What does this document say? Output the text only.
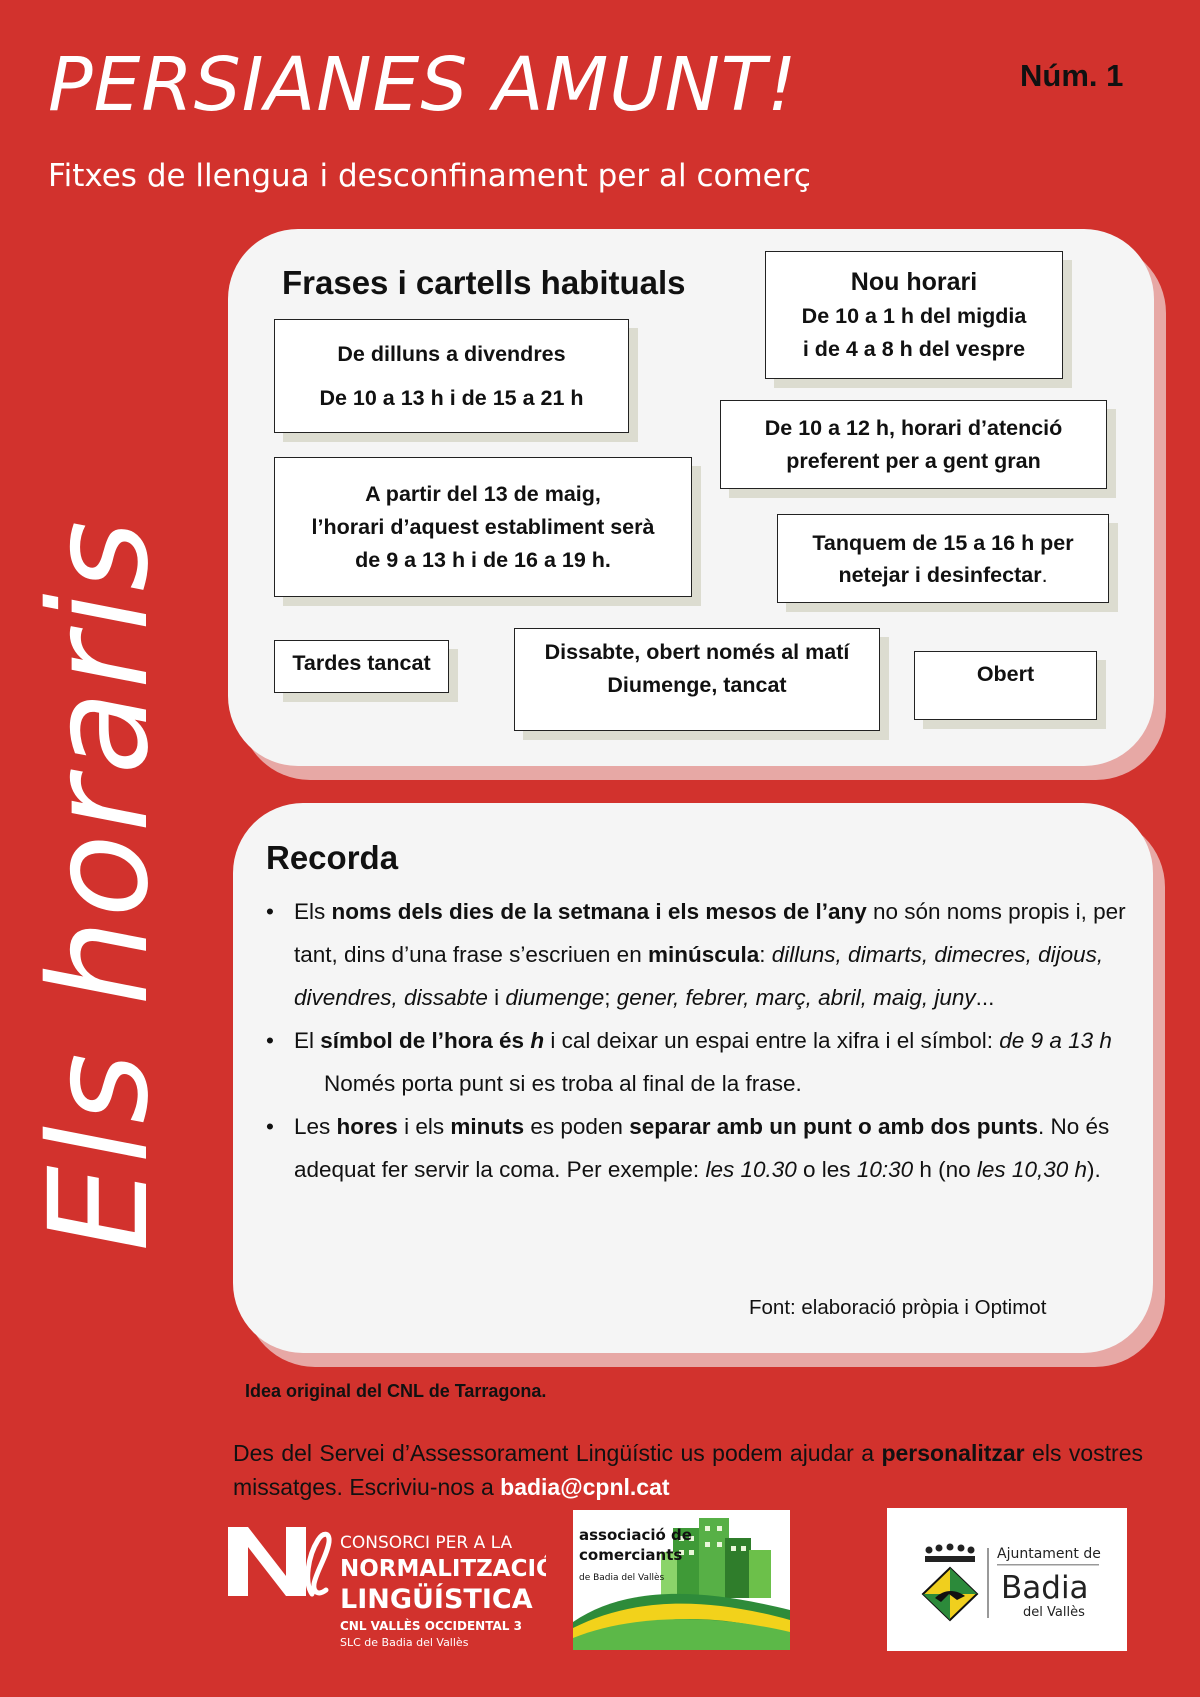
PERSIANES AMUNT!	Núm. 1
Fitxes de llengua i desconfinament per al comerç
Els horaris
Frases i cartells habituals
De dilluns a divendres
De 10 a 13 h i de 15 a 21 h
Nou horari
De 10 a 1 h del migdia
i de 4 a 8 h del vespre
De 10 a 12 h, horari d’atenció
preferent per a gent gran
A partir del 13 de maig,
l’horari d’aquest establiment serà
de 9 a 13 h i de 16 a 19 h.
Tanquem de 15 a 16 h per
netejar i desinfectar.
Tardes tancat	Dissabte, obert només al matí
Diumenge, tancat	Obert
Recorda
• Els noms dels dies de la setmana i els mesos de l’any no són noms propis i, per tant, dins d’una frase s’escriuen en minúscula: dilluns, dimarts, dimecres, dijous, divendres, dissabte i diumenge; gener, febrer, març, abril, maig, juny...
• El símbol de l’hora és h i cal deixar un espai entre la xifra i el símbol: de 9 a 13 h
Només porta punt si es troba al final de la frase.
• Les hores i els minuts es poden separar amb un punt o amb dos punts. No és adequat fer servir la coma. Per exemple: les 10.30 o les 10:30 h (no les 10,30 h).
Font: elaboració pròpia i Optimot
Idea original del CNL de Tarragona.

Des del Servei d’Assessorament Lingüístic us podem ajudar a personalitzar els vostres missatges. Escriviu-nos a badia@cpnl.cat

CONSORCI PER A LA
NORMALITZACIÓ
LINGÜÍSTICA
CNL VALLÈS OCCIDENTAL 3
SLC de Badia del Vallès
associació de
comerciants
de Badia del Vallès
Ajuntament de
Badia
del Vallès
